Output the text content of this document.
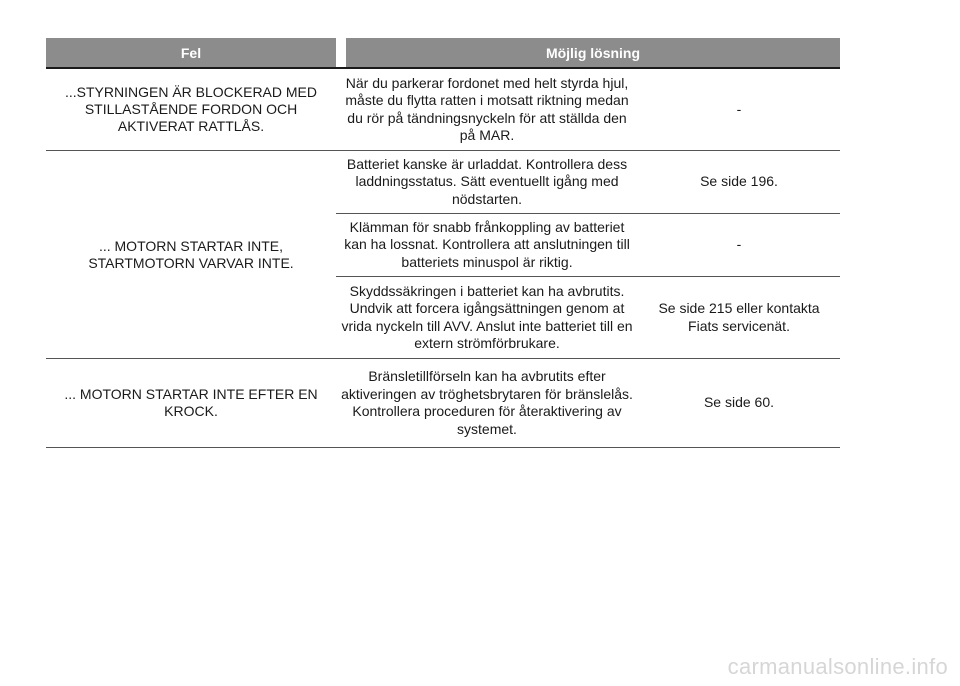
Fel	Möjlig lösning
...STYRNINGEN ÄR BLOCKERAD MED STILLASTÅENDE FORDON OCH AKTIVERAT RATTLÅS.
När du parkerar fordonet med helt styrda hjul, måste du flytta ratten i motsatt riktning medan du rör på tändningsnyckeln för att ställda den på MAR.
-
... MOTORN STARTAR INTE, STARTMOTORN VARVAR INTE.
Batteriet kanske är urladdat. Kontrollera dess laddningsstatus. Sätt eventuellt igång med nödstarten.
Se side 196.
Klämman för snabb frånkoppling av batteriet kan ha lossnat. Kontrollera att anslutningen till batteriets minuspol är riktig.
-
Skyddssäkringen i batteriet kan ha avbrutits. Undvik att forcera igångsättningen genom at vrida nyckeln till AVV. Anslut inte batteriet till en extern strömförbrukare.
Se side 215 eller kontakta Fiats servicenät.
... MOTORN STARTAR INTE EFTER EN KROCK.
Bränsletillförseln kan ha avbrutits efter aktiveringen av tröghetsbrytaren för bränslelås. Kontrollera proceduren för återaktivering av systemet.
Se side 60.
carmanualsonline.info
